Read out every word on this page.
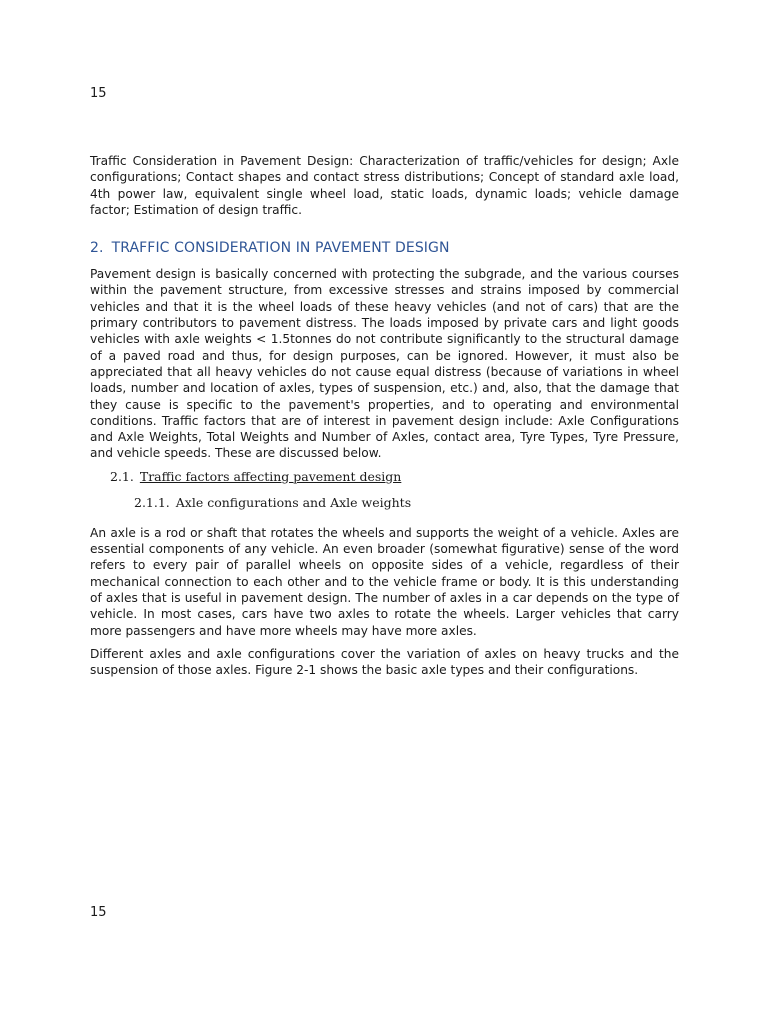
15

Traffic Consideration in Pavement Design: Characterization of traffic/vehicles for design; Axle configurations; Contact shapes and contact stress distributions; Concept of standard axle load, 4th power law, equivalent single wheel load, static loads, dynamic loads; vehicle damage factor; Estimation of design traffic.

2. TRAFFIC CONSIDERATION IN PAVEMENT DESIGN

Pavement design is basically concerned with protecting the subgrade, and the various courses within the pavement structure, from excessive stresses and strains imposed by commercial vehicles and that it is the wheel loads of these heavy vehicles (and not of cars) that are the primary contributors to pavement distress. The loads imposed by private cars and light goods vehicles with axle weights < 1.5tonnes do not contribute significantly to the structural damage of a paved road and thus, for design purposes, can be ignored. However, it must also be appreciated that all heavy vehicles do not cause equal distress (because of variations in wheel loads, number and location of axles, types of suspension, etc.) and, also, that the damage that they cause is specific to the pavement's properties, and to operating and environmental conditions. Traffic factors that are of interest in pavement design include: Axle Configurations and Axle Weights, Total Weights and Number of Axles, contact area, Tyre Types, Tyre Pressure, and vehicle speeds. These are discussed below.

2.1. Traffic factors affecting pavement design
2.1.1. Axle configurations and Axle weights

An axle is a rod or shaft that rotates the wheels and supports the weight of a vehicle. Axles are essential components of any vehicle. An even broader (somewhat figurative) sense of the word refers to every pair of parallel wheels on opposite sides of a vehicle, regardless of their mechanical connection to each other and to the vehicle frame or body. It is this understanding of axles that is useful in pavement design. The number of axles in a car depends on the type of vehicle. In most cases, cars have two axles to rotate the wheels. Larger vehicles that carry more passengers and have more wheels may have more axles.

Different axles and axle configurations cover the variation of axles on heavy trucks and the suspension of those axles. Figure 2-1 shows the basic axle types and their configurations.

15
